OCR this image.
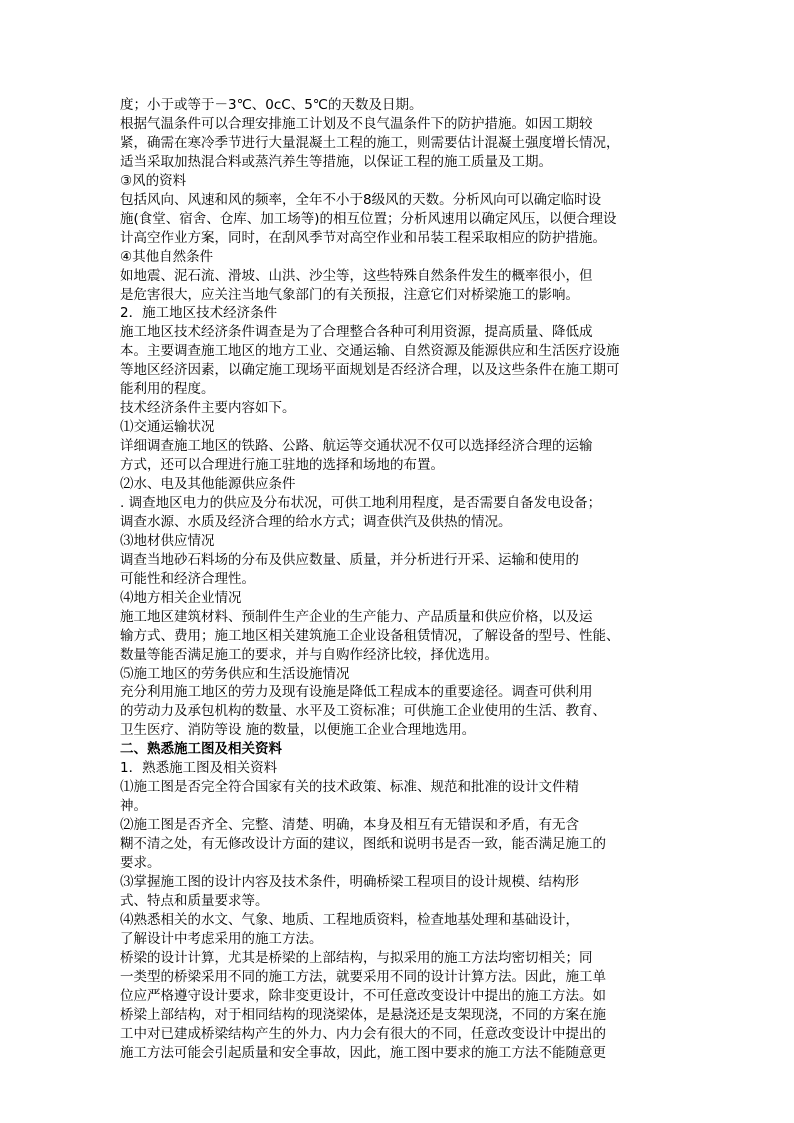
度；小于或等于－3℃、0cC、5℃的天数及日期。
根据气温条件可以合理安排施工计划及不良气温条件下的防护措施。如因工期较
紧，确需在寒冷季节进行大量混凝土工程的施工，则需要估计混凝土强度增长情况，
适当采取加热混合料或蒸汽养生等措施，以保证工程的施工质量及工期。
③风的资料
包括风向、风速和风的频率，全年不小于8级风的天数。分析风向可以确定临时设
施(食堂、宿舍、仓库、加工场等)的相互位置；分析风速用以确定风压，以便合理设
计高空作业方案，同时，在刮风季节对高空作业和吊装工程采取相应的防护措施。
④其他自然条件
如地震、泥石流、滑坡、山洪、沙尘等，这些特殊自然条件发生的概率很小，但
是危害很大，应关注当地气象部门的有关预报，注意它们对桥梁施工的影响。
2．施工地区技术经济条件
施工地区技术经济条件调查是为了合理整合各种可利用资源，提高质量、降低成
本。主要调查施工地区的地方工业、交通运输、自然资源及能源供应和生活医疗设施
等地区经济因素，以确定施工现场平面规划是否经济合理，以及这些条件在施工期可
能利用的程度。
技术经济条件主要内容如下。
⑴交通运输状况
详细调查施工地区的铁路、公路、航运等交通状况不仅可以选择经济合理的运输
方式，还可以合理进行施工驻地的选择和场地的布置。
⑵水、电及其他能源供应条件
. 调查地区电力的供应及分布状况，可供工地利用程度，是否需要自备发电设备；
调查水源、水质及经济合理的给水方式；调查供汽及供热的情况。
⑶地材供应情况
调查当地砂石料场的分布及供应数量、质量，并分析进行开采、运输和使用的
可能性和经济合理性。
⑷地方相关企业情况
施工地区建筑材料、预制件生产企业的生产能力、产品质量和供应价格，以及运
输方式、费用；施工地区相关建筑施工企业设备租赁情况，了解设备的型号、性能、
数量等能否满足施工的要求，并与自购作经济比较，择优选用。
⑸施工地区的劳务供应和生活设施情况
充分利用施工地区的劳力及现有设施是降低工程成本的重要途径。调查可供利用
的劳动力及承包机构的数量、水平及工资标准；可供施工企业使用的生活、教育、
卫生医疗、消防等设 施的数量，以便施工企业合理地选用。
二、熟悉施工图及相关资料
1．熟悉施工图及相关资料
⑴施工图是否完全符合国家有关的技术政策、标准、规范和批准的设计文件精
神。
⑵施工图是否齐全、完整、清楚、明确，本身及相互有无错误和矛盾，有无含
糊不清之处，有无修改设计方面的建议，图纸和说明书是否一致，能否满足施工的
要求。
⑶掌握施工图的设计内容及技术条件，明确桥梁工程项目的设计规模、结构形
式、特点和质量要求等。
⑷熟悉相关的水文、气象、地质、工程地质资料，检查地基处理和基础设计，
了解设计中考虑采用的施工方法。
桥梁的设计计算，尤其是桥梁的上部结构，与拟采用的施工方法均密切相关；同
一类型的桥梁采用不同的施工方法，就要采用不同的设计计算方法。因此，施工单
位应严格遵守设计要求，除非变更设计，不可任意改变设计中提出的施工方法。如
桥梁上部结构，对于相同结构的现浇梁体，是悬浇还是支架现浇，不同的方案在施
工中对已建成桥梁结构产生的外力、内力会有很大的不同，任意改变设计中提出的
施工方法可能会引起质量和安全事故，因此，施工图中要求的施工方法不能随意更
